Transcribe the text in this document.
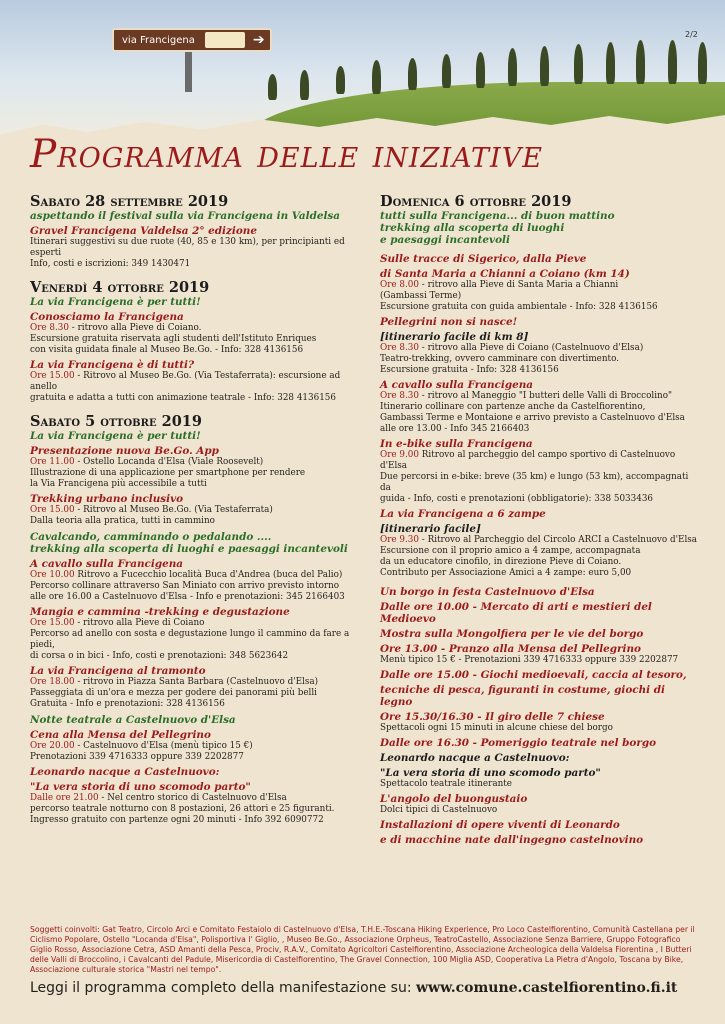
via Francigena	➔	2/2
Programma delle iniziative
Sabato 28 settembre 2019
aspettando il festival sulla via Francigena in Valdelsa
Gravel Francigena Valdelsa 2° edizione
Itinerari suggestivi su due ruote (40, 85 e 130 km), per principianti ed esperti
Info, costi e iscrizioni: 349 1430471
Venerdì 4 ottobre 2019
La via Francigena è per tutti!
Conosciamo la Francigena
Ore 8.30 - ritrovo alla Pieve di Coiano.
Escursione gratuita riservata agli studenti dell'Istituto Enriques
con visita guidata finale al Museo Be.Go. - Info: 328 4136156
La via Francigena è di tutti?
Ore 15.00 - Ritrovo al Museo Be.Go. (Via Testaferrata): escursione ad anello
gratuita e adatta a tutti con animazione teatrale - Info: 328 4136156
Sabato 5 ottobre 2019
La via Francigena è per tutti!
Presentazione nuova Be.Go. App
Ore 11.00 - Ostello Locanda d'Elsa (Viale Roosevelt)
Illustrazione di una applicazione per smartphone per rendere
la Via Francigena più accessibile a tutti
Trekking urbano inclusivo
Ore 15.00 - Ritrovo al Museo Be.Go. (Via Testaferrata)
Dalla teoria alla pratica, tutti in cammino
Cavalcando, camminando o pedalando ....
trekking alla scoperta di luoghi e paesaggi incantevoli
A cavallo sulla Francigena
Ore 10.00 Ritrovo a Fucecchio località Buca d'Andrea (buca del Palio)
Percorso collinare attraverso San Miniato con arrivo previsto intorno
alle ore 16.00 a Castelnuovo d'Elsa - Info e prenotazioni: 345 2166403
Mangia e cammina -trekking e degustazione
Ore 15.00 - ritrovo alla Pieve di Coiano
Percorso ad anello con sosta e degustazione lungo il cammino da fare a piedi,
di corsa o in bici - Info, costi e prenotazioni: 348 5623642
La via Francigena al tramonto
Ore 18.00 - ritrovo in Piazza Santa Barbara (Castelnuovo d'Elsa)
Passeggiata di un'ora e mezza per godere dei panorami più belli
Gratuita - Info e prenotazioni: 328 4136156
Notte teatrale a Castelnuovo d'Elsa
Cena alla Mensa del Pellegrino
Ore 20.00 - Castelnuovo d'Elsa (menù tipico 15 €)
Prenotazioni 339 4716333 oppure 339 2202877
Leonardo nacque a Castelnuovo:
"La vera storia di uno scomodo parto"
Dalle ore 21.00 - Nel centro storico di Castelnuovo d'Elsa
percorso teatrale notturno con 8 postazioni, 26 attori e 25 figuranti.
Ingresso gratuito con partenze ogni 20 minuti - Info 392 6090772
Domenica 6 ottobre 2019
tutti sulla Francigena... di buon mattino
trekking alla scoperta di luoghi
e paesaggi incantevoli
Sulle tracce di Sigerico, dalla Pieve
di Santa Maria a Chianni a Coiano (km 14)
Ore 8.00 - ritrovo alla Pieve di Santa Maria a Chianni
(Gambassi Terme)
Escursione gratuita con guida ambientale - Info: 328 4136156
Pellegrini non si nasce!
[itinerario facile di km 8]
Ore 8.30 - ritrovo alla Pieve di Coiano (Castelnuovo d'Elsa)
Teatro-trekking, ovvero camminare con divertimento.
Escursione gratuita - Info: 328 4136156
A cavallo sulla Francigena
Ore 8.30 - ritrovo al Maneggio "I butteri delle Valli di Broccolino"
Itinerario collinare con partenze anche da Castelfiorentino,
Gambassi Terme e Montaione e arrivo previsto a Castelnuovo d'Elsa
alle ore 13.00 - Info 345 2166403
In e-bike sulla Francigena
Ore 9.00 Ritrovo al parcheggio del campo sportivo di Castelnuovo d'Elsa
Due percorsi in e-bike: breve (35 km) e lungo (53 km), accompagnati da
guida - Info, costi e prenotazioni (obbligatorie): 338 5033436
La via Francigena a 6 zampe
[itinerario facile]
Ore 9.30 - Ritrovo al Parcheggio del Circolo ARCI a Castelnuovo d'Elsa
Escursione con il proprio amico a 4 zampe, accompagnata
da un educatore cinofilo, in direzione Pieve di Coiano.
Contributo per Associazione Amici a 4 zampe: euro 5,00
Un borgo in festa Castelnuovo d'Elsa
Dalle ore 10.00 - Mercato di arti e mestieri del Medioevo
Mostra sulla Mongolfiera per le vie del borgo
Ore 13.00 - Pranzo alla Mensa del Pellegrino
Menù tipico 15 € - Prenotazioni 339 4716333 oppure 339 2202877
Dalle ore 15.00 - Giochi medioevali, caccia al tesoro,
tecniche di pesca, figuranti in costume, giochi di legno
Ore 15.30/16.30 - Il giro delle 7 chiese
Spettacoli ogni 15 minuti in alcune chiese del borgo
Dalle ore 16.30 - Pomeriggio teatrale nel borgo
Leonardo nacque a Castelnuovo:
"La vera storia di uno scomodo parto"
Spettacolo teatrale itinerante
L'angolo del buongustaio
Dolci tipici di Castelnuovo
Installazioni di opere viventi di Leonardo
e di macchine nate dall'ingegno castelnovino
Soggetti coinvolti: Gat Teatro, Circolo Arci e Comitato Festaiolo di Castelnuovo d'Elsa, T.H.E.-Toscana Hiking Experience, Pro Loco Castelfiorentino, Comunità Castellana per il Ciclismo Popolare, Ostello "Locanda d'Elsa", Polisportiva I' Giglio, , Museo Be.Go., Associazione Orpheus, TeatroCastello, Associazione Senza Barriere, Gruppo Fotografico Giglio Rosso, Associazione Cetra, ASD Amanti della Pesca, Prociv, R.A.V., Comitato Agricoltori Castelfiorentino, Associazione Archeologica della Valdelsa Fiorentina , I Butteri delle Valli di Broccolino, i Cavalcanti del Padule, Misericordia di Castelfiorentino, The Gravel Connection, 100 Miglia ASD, Cooperativa La Pietra d'Angolo, Toscana by Bike, Associazione culturale storica "Mastri nel tempo".
Leggi il programma completo della manifestazione su: www.comune.castelfiorentino.fi.it
